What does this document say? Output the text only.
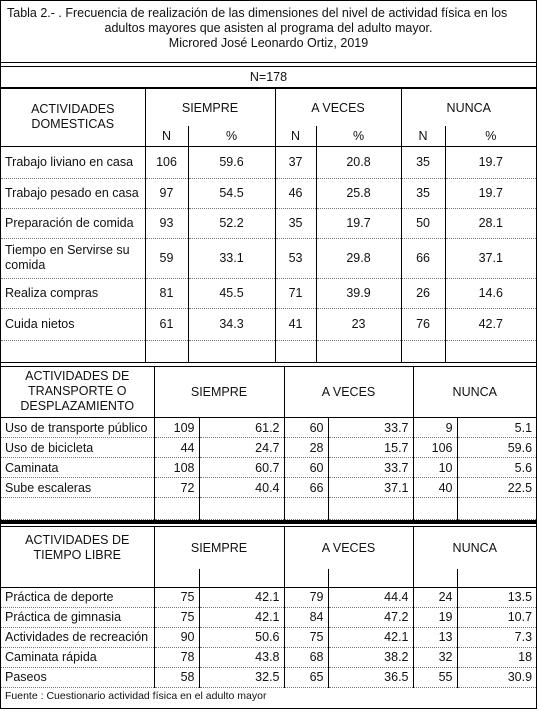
Tabla 2.- . Frecuencia de realización de las dimensiones del nivel de actividad física en los
adultos mayores que asisten al programa del adulto mayor.
Microred José Leonardo Ortiz, 2019
N=178
ACTIVIDADES DOMESTICAS	SIEMPRE		A VECES		NUNCA	
	N	%	N	%	N	%
Trabajo liviano en casa	106	59.6	37	20.8	35	19.7
Trabajo pesado en casa	97	54.5	46	25.8	35	19.7
Preparación de comida	93	52.2	35	19.7	50	28.1
Tiempo en Servirse su comida	59	33.1	53	29.8	66	37.1
Realiza compras	81	45.5	71	39.9	26	14.6
Cuida nietos	61	34.3	41	23	76	42.7

ACTIVIDADES DE TRANSPORTE O DESPLAZAMIENTO	SIEMPRE		A VECES		NUNCA	
Uso de transporte público	109	61.2	60	33.7	9	5.1
Uso de bicicleta	44	24.7	28	15.7	106	59.6
Caminata	108	60.7	60	33.7	10	5.6
Sube escaleras	72	40.4	66	37.1	40	22.5

ACTIVIDADES DE TIEMPO LIBRE	SIEMPRE		A VECES		NUNCA	

Práctica de deporte	75	42.1	79	44.4	24	13.5
Práctica de gimnasia	75	42.1	84	47.2	19	10.7
Actividades de recreación	90	50.6	75	42.1	13	7.3
Caminata rápida	78	43.8	68	38.2	32	18
Paseos	58	32.5	65	36.5	55	30.9
Fuente : Cuestionario actividad física en el adulto mayor
